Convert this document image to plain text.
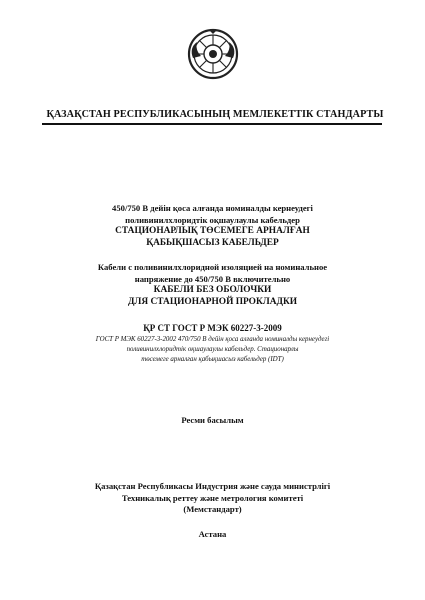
ҚАЗАҚСТАН РЕСПУБЛИКАСЫНЫҢ МЕМЛЕКЕТТІК СТАНДАРТЫ
450/750 В дейін қоса алғанда номиналды кернеудегі
поливинилхлоридтік оқшаулаулы кабельдер
СТАЦИОНАРЛЫҚ ТӨСЕМЕГЕ АРНАЛҒАН
ҚАБЫҚШАСЫЗ КАБЕЛЬДЕР
Кабели с поливинилхлоридной изоляцией на номинальное
напряжение до 450/750 В включительно
КАБЕЛИ БЕЗ ОБОЛОЧКИ
ДЛЯ СТАЦИОНАРНОЙ ПРОКЛАДКИ
ҚР СТ ГОСТ Р МЭК 60227-3-2009
ГОСТ Р МЭК 60227-3-2002 470/750 В дейін қоса алғанда номиналды кернеудегі
поливинилхлоридтік оқшаулаулы кабельдер. Стационарлы
төсемеге арналған қабықшасыз кабельдер (IDT)
Ресми басылым
Қазақстан Республикасы Индустрия және сауда министрлігі
Техникалық реттеу және метрология комитеті
(Мемстандарт)
Астана
